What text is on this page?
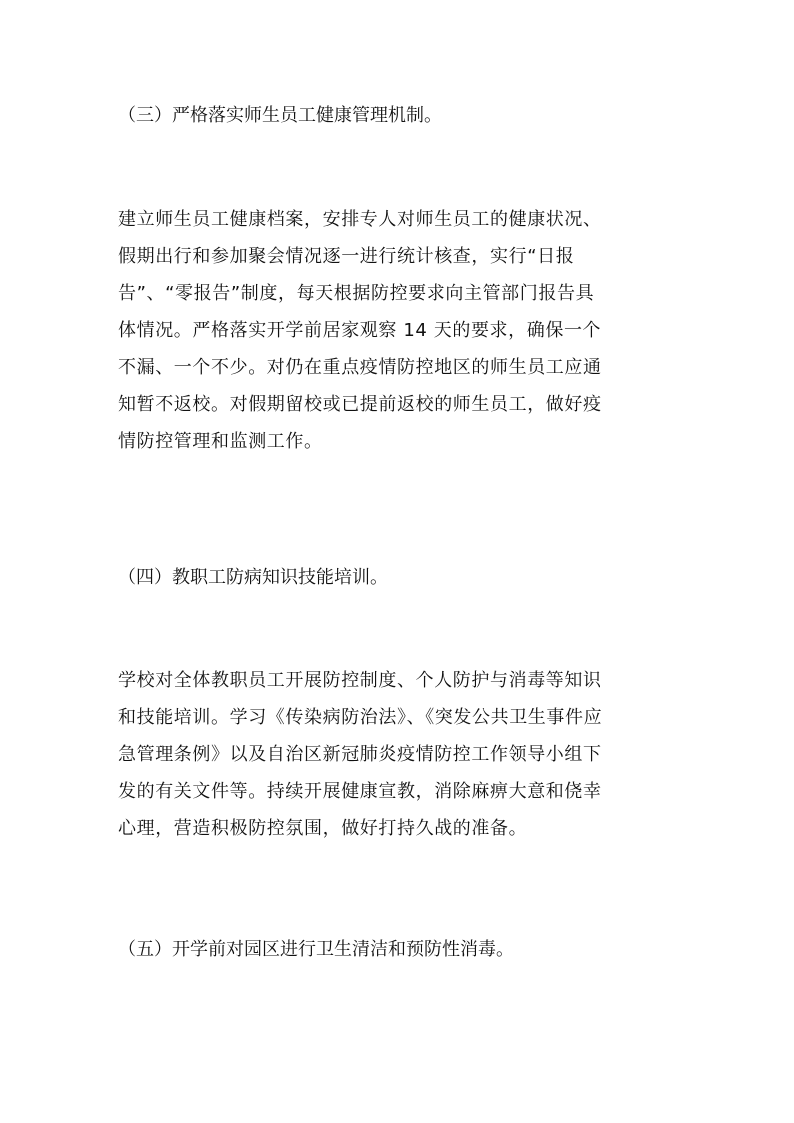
（三）严格落实师生员工健康管理机制。
建立师生员工健康档案，安排专人对师生员工的健康状况、
假期出行和参加聚会情况逐一进行统计核查，实行“日报
告”、“零报告”制度，每天根据防控要求向主管部门报告具
体情况。严格落实开学前居家观察 14 天的要求，确保一个
不漏、一个不少。对仍在重点疫情防控地区的师生员工应通
知暂不返校。对假期留校或已提前返校的师生员工，做好疫
情防控管理和监测工作。
（四）教职工防病知识技能培训。
学校对全体教职员工开展防控制度、个人防护与消毒等知识
和技能培训。学习《传染病防治法》、《突发公共卫生事件应
急管理条例》以及自治区新冠肺炎疫情防控工作领导小组下
发的有关文件等。持续开展健康宣教，消除麻痹大意和侥幸
心理，营造积极防控氛围，做好打持久战的准备。
（五）开学前对园区进行卫生清洁和预防性消毒。
